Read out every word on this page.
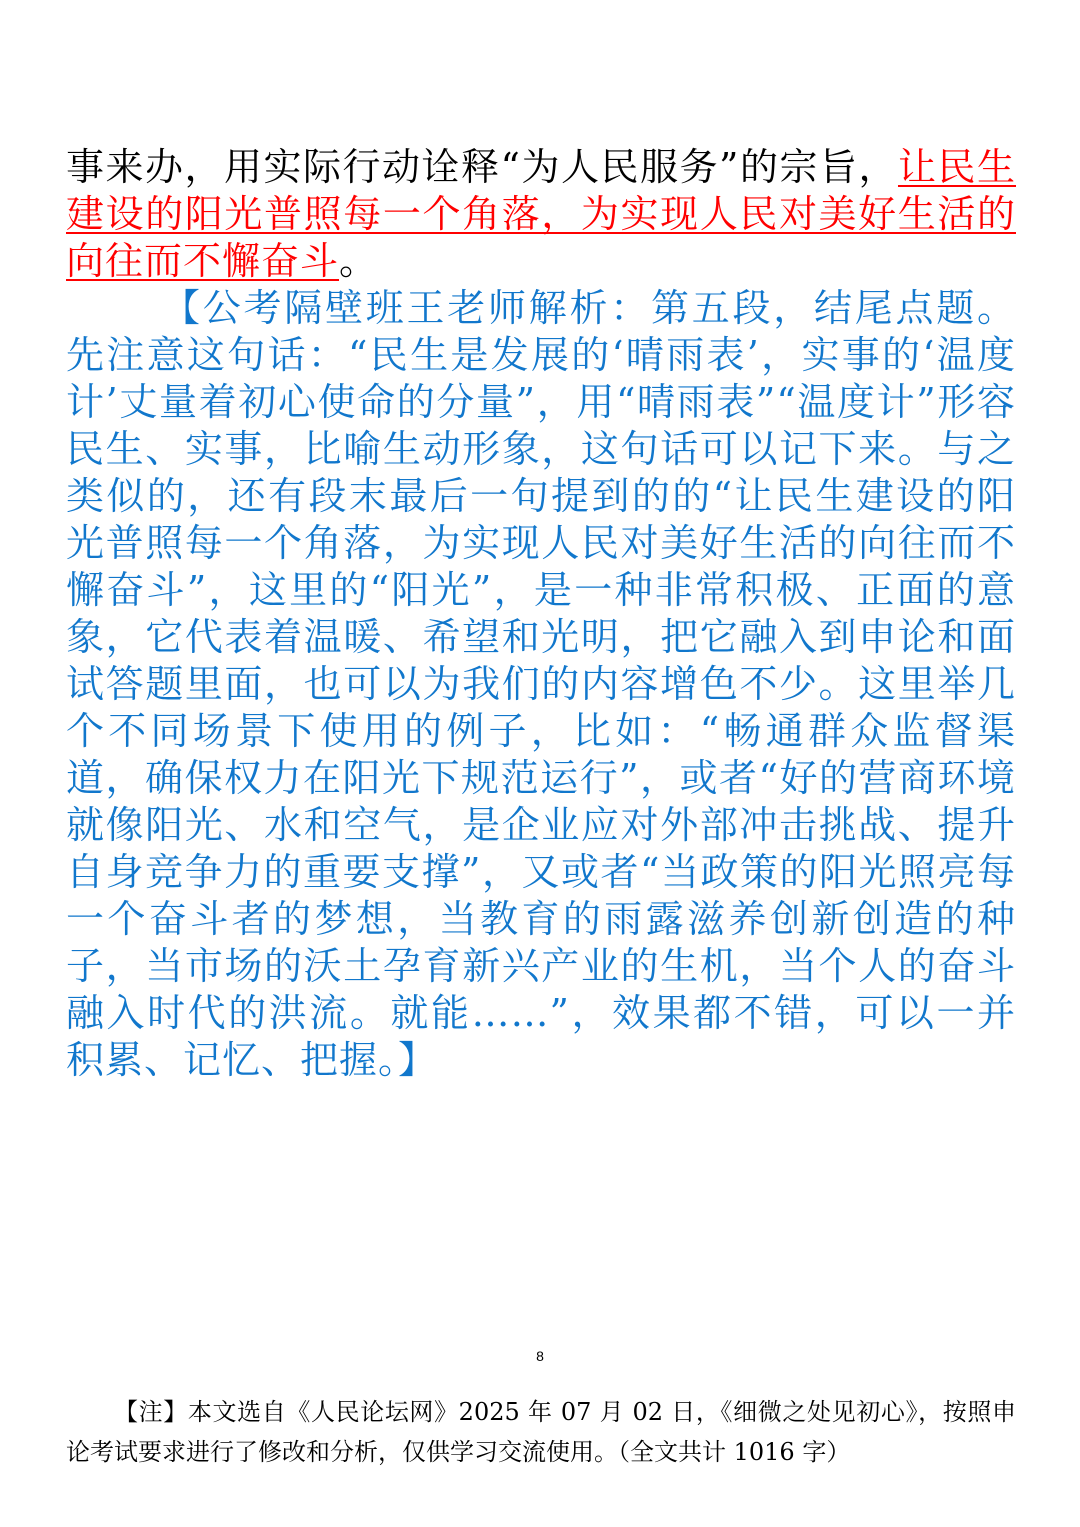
事来办，用实际行动诠释“为人民服务”的宗旨，让民生建设的阳光普照每一个角落，为实现人民对美好生活的向往而不懈奋斗。

【公考隔壁班王老师解析：第五段，结尾点题。先注意这句话：“民生是发展的‘晴雨表’，实事的‘温度计’丈量着初心使命的分量”，用“晴雨表”“温度计”形容民生、实事，比喻生动形象，这句话可以记下来。与之类似的，还有段末最后一句提到的的“让民生建设的阳光普照每一个角落，为实现人民对美好生活的向往而不懈奋斗”，这里的“阳光”，是一种非常积极、正面的意象，它代表着温暖、希望和光明，把它融入到申论和面试答题里面，也可以为我们的内容增色不少。这里举几个不同场景下使用的例子，比如：“畅通群众监督渠道，确保权力在阳光下规范运行”，或者“好的营商环境就像阳光、水和空气，是企业应对外部冲击挑战、提升自身竞争力的重要支撑”，又或者“当政策的阳光照亮每一个奋斗者的梦想，当教育的雨露滋养创新创造的种子，当市场的沃土孕育新兴产业的生机，当个人的奋斗融入时代的洪流。就能……”，效果都不错，可以一并积累、记忆、把握。】

8

【注】本文选自《人民论坛网》2025 年 07 月 02 日，《细微之处见初心》，按照申论考试要求进行了修改和分析，仅供学习交流使用。（全文共计 1016 字）
